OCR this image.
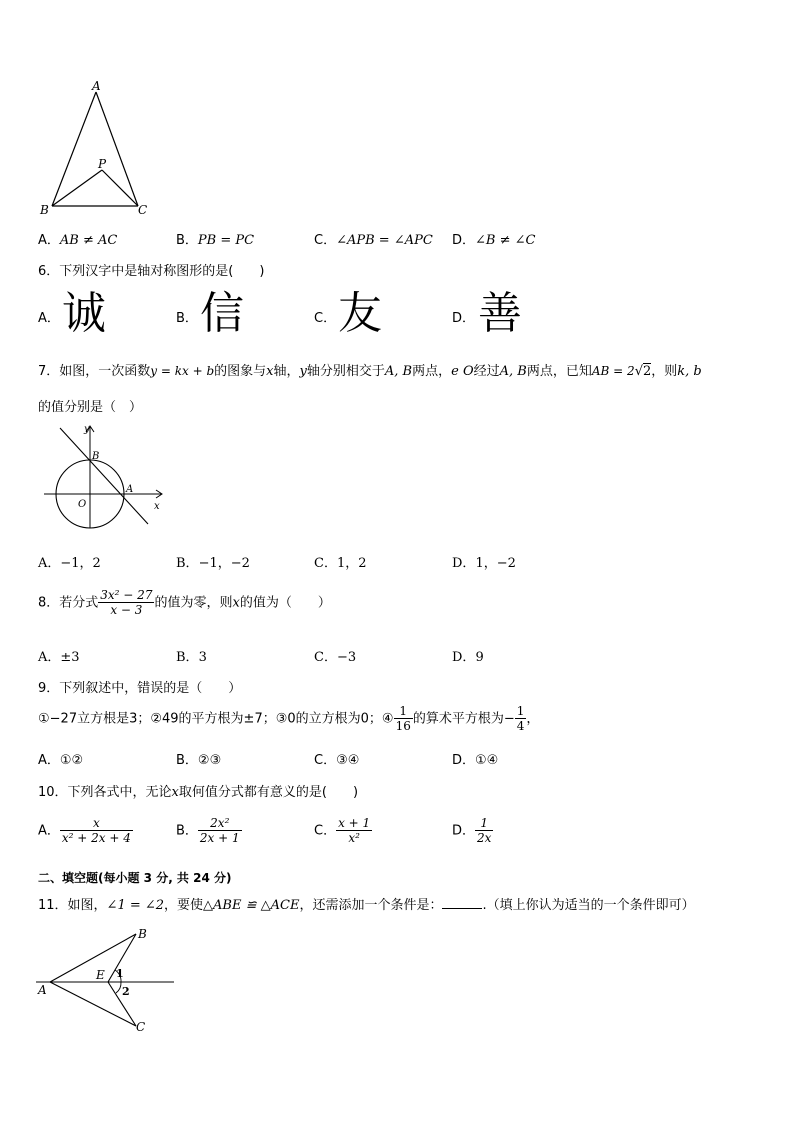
A
P
B	C
A．AB ≠ AC	B．PB = PC	C．∠APB = ∠APC D．∠B ≠ ∠C
6．下列汉字中是轴对称图形的是(　　)
A． 诚	B． 信	C． 友	D． 善
7．如图，一次函数y = kx + b的图象与x轴，y轴分别相交于A, B两点，e O经过A, B两点，已知AB = 2√2，则k, b
的值分别是（　）
y
x
B
A
O
A．−1，2	B．−1，−2	C．1，2	D．1，−2
8．若分式 $\frac{\text{3x² − 27}}{x - 3}$ 的值为零，则x的值为（　　）
A．±3	B．3	C．−3	D．9
9．下列叙述中，错误的是（　　）
①−27立方根是3；②49的平方根为±7；③0的立方根为0；④ $\frac{1}{16}$ 的算术平方根为− $\frac{1}{4}$ ，
A．①②	B．②③	C．③④	D．①④
10．下列各式中，无论x取何值分式都有意义的是(　　)
A． $\frac{x}{\text{x² + 2x + 4}}$	B． $\frac{\text{2x²}}{2x + 1}$	C． $\frac{x + 1}{\text{x²}}$	D． $\frac{1}{2x}$
二、填空题(每小题 3 分, 共 24 分)
11．如图，∠1 = ∠2，要使△ABE ≌ △ACE，还需添加一个条件是：	.（填上你认为适当的一个条件即可）
A
B
C
E 1
2
